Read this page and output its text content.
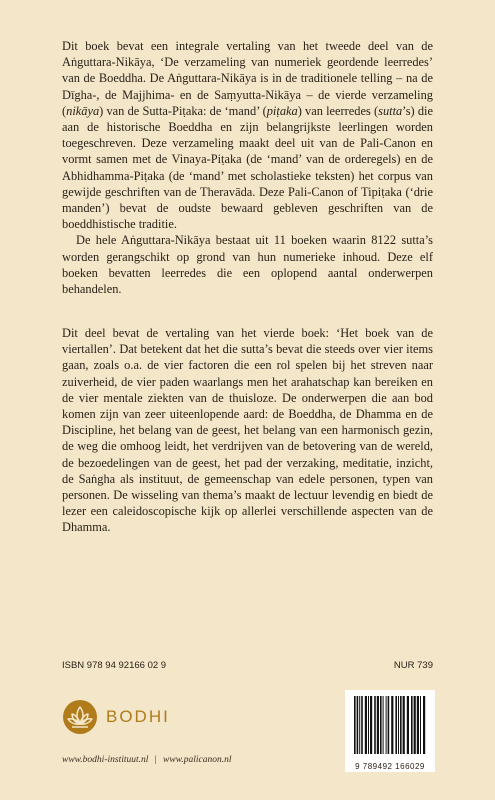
Dit boek bevat een integrale vertaling van het tweede deel van de Aṅguttara-Nikāya, ‘De verzameling van numeriek geordende leerredes’ van de Boeddha. De Aṅguttara-Nikāya is in de traditionele telling – na de Dīgha-, de Majjhima- en de Saṃyutta-Nikāya – de vierde verzameling (nikāya) van de Sutta-Piṭaka: de ‘mand’ (piṭaka) van leerredes (sutta’s) die aan de historische Boeddha en zijn belangrijkste leerlingen worden toegeschreven. Deze verzameling maakt deel uit van de Pali-Canon en vormt samen met de Vinaya-Piṭaka (de ‘mand’ van de orderegels) en de Abhidhamma-Piṭaka (de ‘mand’ met scholastieke teksten) het corpus van gewijde geschriften van de Theravāda. Deze Pali-Canon of Tipiṭaka (‘drie manden’) bevat de oudste bewaard gebleven geschriften van de boeddhistische traditie.

De hele Aṅguttara-Nikāya bestaat uit 11 boeken waarin 8122 sutta’s worden gerangschikt op grond van hun numerieke inhoud. Deze elf boeken bevatten leerredes die een oplopend aantal onderwerpen behandelen.

Dit deel bevat de vertaling van het vierde boek: ‘Het boek van de viertallen’. Dat betekent dat het die sutta’s bevat die steeds over vier items gaan, zoals o.a. de vier factoren die een rol spelen bij het streven naar zuiverheid, de vier paden waarlangs men het arahatschap kan bereiken en de vier mentale ziekten van de thuisloze. De onderwerpen die aan bod komen zijn van zeer uiteenlopende aard: de Boeddha, de Dhamma en de Discipline, het belang van de geest, het belang van een harmonisch gezin, de weg die omhoog leidt, het verdrijven van de betovering van de wereld, de bezoedelingen van de geest, het pad der verzaking, meditatie, inzicht, de Saṅgha als instituut, de gemeenschap van edele personen, typen van personen. De wisseling van thema’s maakt de lectuur levendig en biedt de lezer een caleidoscopische kijk op allerlei verschillende aspecten van de Dhamma.

ISBN 978 94 92166 02 9	NUR 739
BODHI
www.bodhi-instituut.nl | www.palicanon.nl
9 789492 166029
